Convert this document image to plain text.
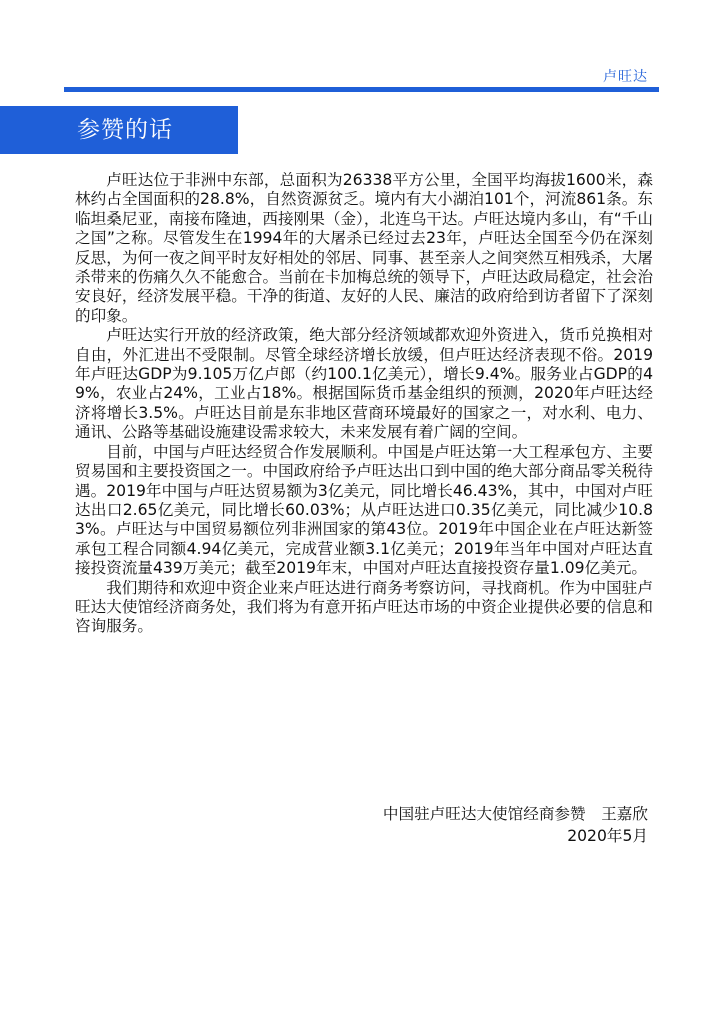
卢旺达
参赞的话

卢旺达位于非洲中东部，总面积为26338平方公里，全国平均海拔1600米，森林约占全国面积的28.8%，自然资源贫乏。境内有大小湖泊101个，河流861条。东临坦桑尼亚，南接布隆迪，西接刚果（金），北连乌干达。卢旺达境内多山，有“千山之国”之称。尽管发生在1994年的大屠杀已经过去23年，卢旺达全国至今仍在深刻反思，为何一夜之间平时友好相处的邻居、同事、甚至亲人之间突然互相残杀，大屠杀带来的伤痛久久不能愈合。当前在卡加梅总统的领导下，卢旺达政局稳定，社会治安良好，经济发展平稳。干净的街道、友好的人民、廉洁的政府给到访者留下了深刻的印象。

卢旺达实行开放的经济政策，绝大部分经济领域都欢迎外资进入，货币兑换相对自由，外汇进出不受限制。尽管全球经济增长放缓，但卢旺达经济表现不俗。2019年卢旺达GDP为9.105万亿卢郎（约100.1亿美元），增长9.4%。服务业占GDP的49%，农业占24%，工业占18%。根据国际货币基金组织的预测，2020年卢旺达经济将增长3.5%。卢旺达目前是东非地区营商环境最好的国家之一，对水利、电力、通讯、公路等基础设施建设需求较大，未来发展有着广阔的空间。

目前，中国与卢旺达经贸合作发展顺利。中国是卢旺达第一大工程承包方、主要贸易国和主要投资国之一。中国政府给予卢旺达出口到中国的绝大部分商品零关税待遇。2019年中国与卢旺达贸易额为3亿美元，同比增长46.43%，其中，中国对卢旺达出口2.65亿美元，同比增长60.03%；从卢旺达进口0.35亿美元，同比减少10.83%。卢旺达与中国贸易额位列非洲国家的第43位。2019年中国企业在卢旺达新签承包工程合同额4.94亿美元，完成营业额3.1亿美元；2019年当年中国对卢旺达直接投资流量439万美元；截至2019年末，中国对卢旺达直接投资存量1.09亿美元。

我们期待和欢迎中资企业来卢旺达进行商务考察访问，寻找商机。作为中国驻卢旺达大使馆经济商务处，我们将为有意开拓卢旺达市场的中资企业提供必要的信息和咨询服务。

中国驻卢旺达大使馆经商参赞　王嘉欣
2020年5月
